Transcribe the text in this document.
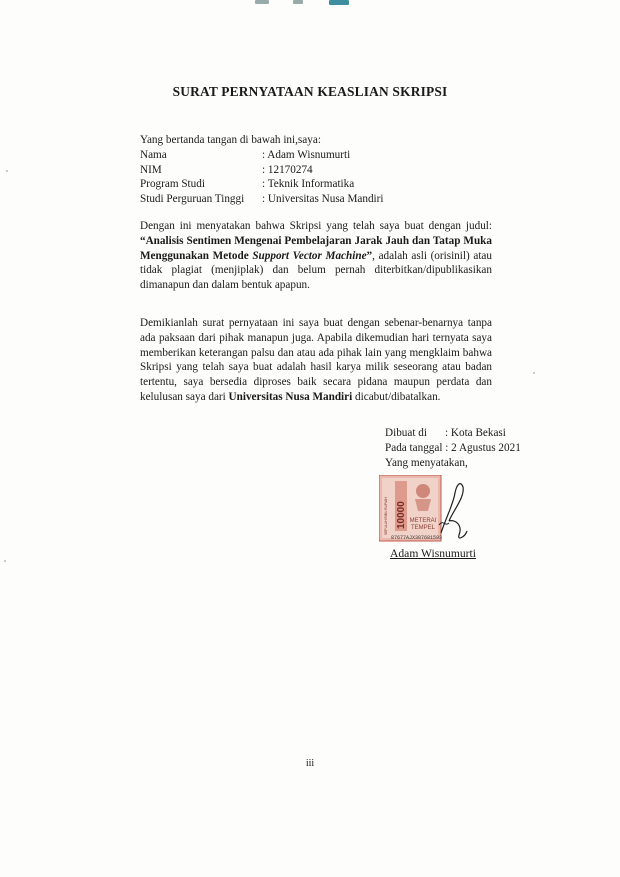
SURAT PERNYATAAN KEASLIAN SKRIPSI
Yang bertanda tangan di bawah ini,saya:
Nama	: Adam Wisnumurti
NIM	: 12170274
Program Studi	: Teknik Informatika
Studi Perguruan Tinggi	: Universitas Nusa Mandiri
Dengan ini menyatakan bahwa Skripsi yang telah saya buat dengan judul: “Analisis Sentimen Mengenai Pembelajaran Jarak Jauh dan Tatap Muka Menggunakan Metode Support Vector Machine”, adalah asli (orisinil) atau tidak plagiat (menjiplak) dan belum pernah diterbitkan/dipublikasikan dimanapun dan dalam bentuk apapun.
Demikianlah surat pernyataan ini saya buat dengan sebenar-benarnya tanpa ada paksaan dari pihak manapun juga. Apabila dikemudian hari ternyata saya memberikan keterangan palsu dan atau ada pihak lain yang mengklaim bahwa Skripsi yang telah saya buat adalah hasil karya milik seseorang atau badan tertentu, saya bersedia diproses baik secara pidana maupun perdata dan kelulusan saya dari Universitas Nusa Mandiri dicabut/dibatalkan.
Dibuat di : Kota Bekasi
Pada tanggal : 2 Agustus 2021
Yang menyatakan,
10000
SEPULUH RIBU RUPIAH	METERAI
TEMPEL
87677AJX307681593
Adam Wisnumurti
iii
